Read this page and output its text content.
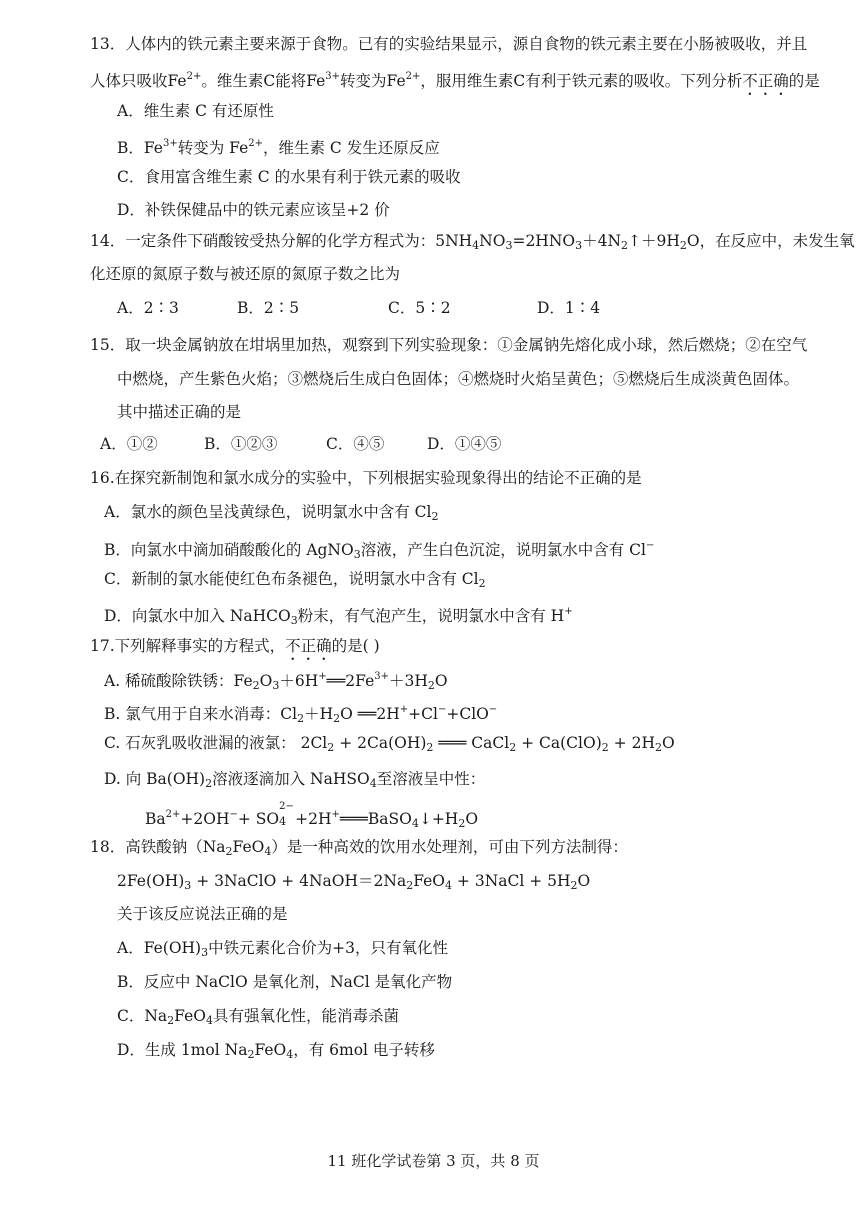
13．人体内的铁元素主要来源于食物。已有的实验结果显示，源自食物的铁元素主要在小肠被吸收，并且
人体只吸收$Fe^{2+}$。维生素C能将$Fe^{3+}$转变为$Fe^{2+}$，服用维生素C有利于铁元素的吸收。下列分析不正确的是
A．维生素 C 有还原性
B．$Fe^{3+}$转变为 $Fe^{2+}$，维生素 C 发生还原反应
C．食用富含维生素 C 的水果有利于铁元素的吸收
D．补铁保健品中的铁元素应该呈+2 价
14．一定条件下硝酸铵受热分解的化学方程式为：$5NH_4NO_3=2HNO_3+4N_2↑+9H_2O$，在反应中，未发生氧
化还原的氮原子数与被还原的氮原子数之比为
A．2∶3	B．2∶5	C．5∶2	D．1∶4
15．取一块金属钠放在坩埚里加热，观察到下列实验现象：①金属钠先熔化成小球，然后燃烧；②在空气
中燃烧，产生紫色火焰；③燃烧后生成白色固体；④燃烧时火焰呈黄色；⑤燃烧后生成淡黄色固体。
其中描述正确的是
A．①②	B．①②③	C．④⑤	D．①④⑤
16.在探究新制饱和氯水成分的实验中，下列根据实验现象得出的结论不正确的是
A．氯水的颜色呈浅黄绿色，说明氯水中含有 $Cl_2$
B．向氯水中滴加硝酸酸化的 AgNO$_3$溶液，产生白色沉淀，说明氯水中含有 Cl−
C．新制的氯水能使红色布条褪色，说明氯水中含有 $Cl_2$
D．向氯水中加入 NaHCO$_3$粉末，有气泡产生，说明氯水中含有 H+
17.下列解释事实的方程式，不正确的是( )
A. 稀硫酸除铁锈：$Fe_2O_3+6H^+══2Fe^{3+}+3H_2O$
B. 氯气用于自来水消毒：$Cl_2+H_2O$ ══2H++Cl−+ClO−
C. 石灰乳吸收泄漏的液氯： $2Cl_2 + 2Ca(OH)_2$ ═══ CaCl$_2$ + $Ca(ClO)_2 + 2H_2O$
D. 向 $Ba(OH)_2$溶液逐滴加入 NaHSO$_4$至溶液呈中性：
$Ba^{2+}+2OH^-+$ SO
2−
$4 +2H^+═══BaSO_4↓+H_2O$
18．高铁酸钠$(Na_2FeO_4)$是一种高效的饮用水处理剂，可由下列方法制得：
$2Fe(OH)_3$ + 3NaClO + $4NaOH=2Na_2FeO_4$ + 3NaCl + $5H_2O$
关于该反应说法正确的是
A．$Fe(OH)_3$中铁元素化合价为+3，只有氧化性
B．反应中 NaClO 是氧化剂，NaCl 是氧化产物
C．$Na_2FeO_4$具有强氧化性，能消毒杀菌
D．生成 1mol $Na_2FeO_4$，有 6mol 电子转移
11 班化学试卷第 3 页，共 8 页
